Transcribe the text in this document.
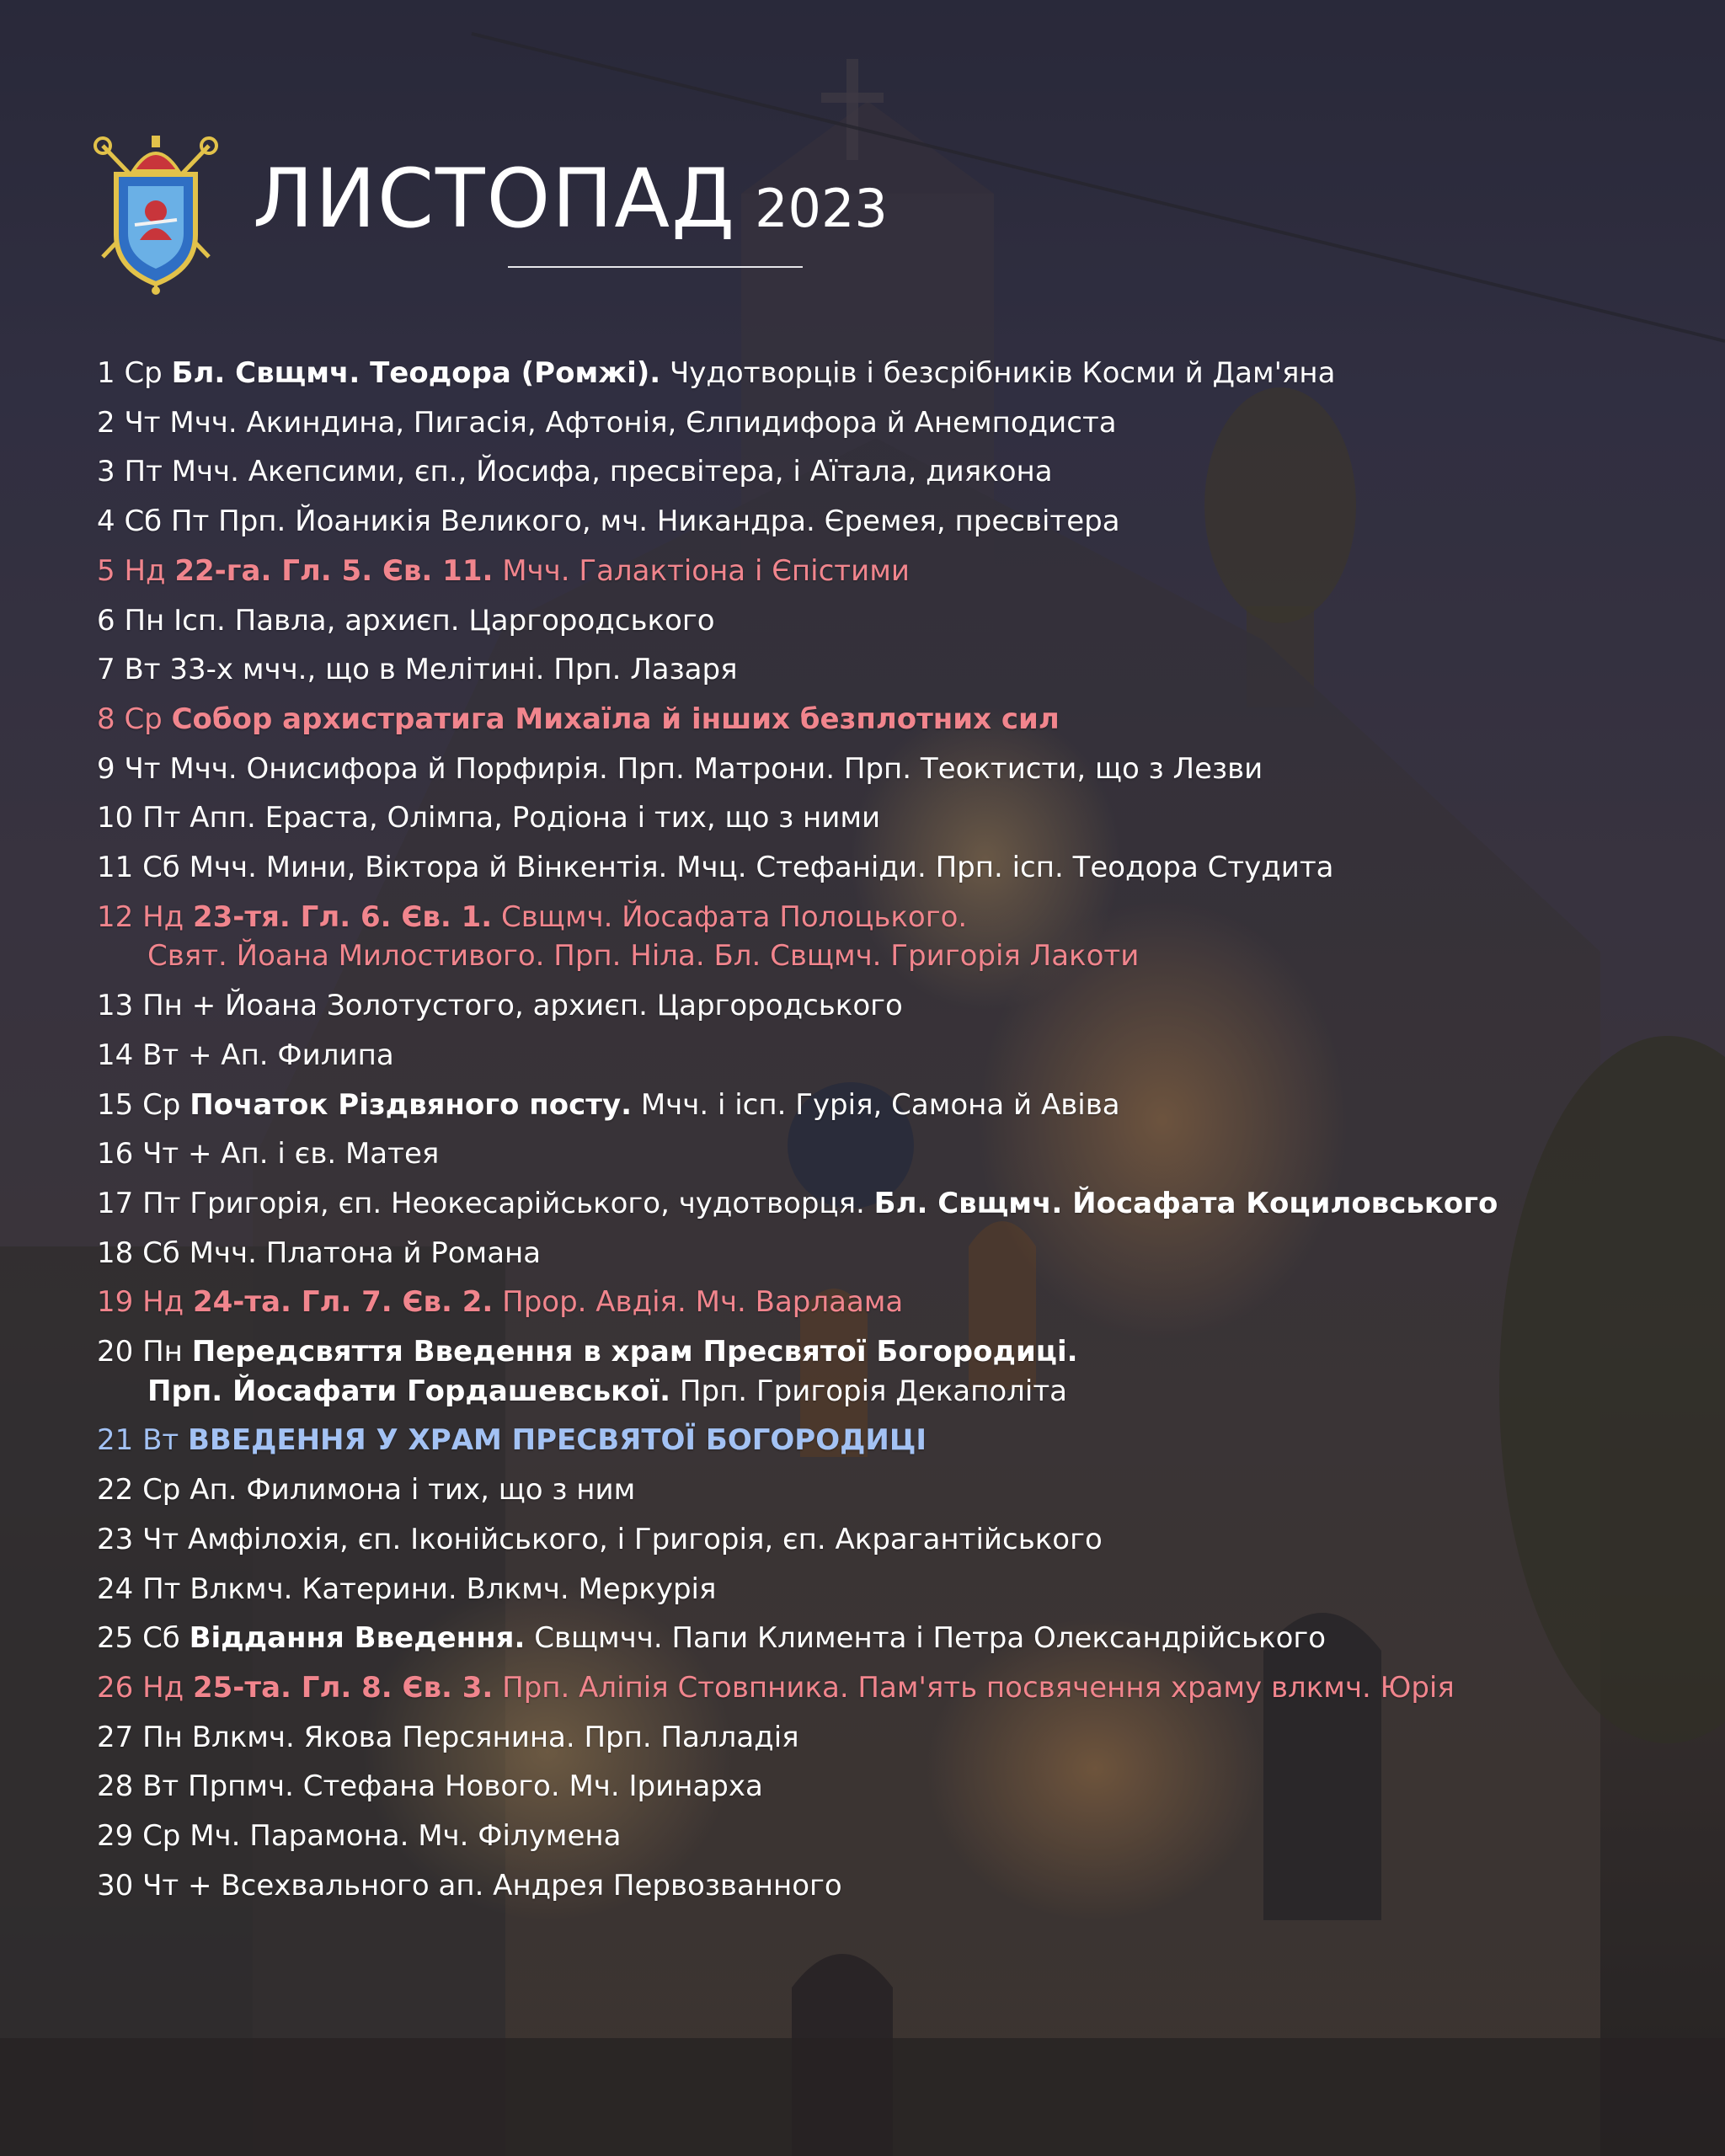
ЛИСТОПАД 2023
1 Ср Бл. Свщмч. Теодора (Ромжі). Чудотворців і безсрібників Косми й Дам'яна
2 Чт Мчч. Акиндина, Пигасія, Афтонія, Єлпидифора й Анемподиста
3 Пт Мчч. Акепсими, єп., Йосифа, пресвітера, і Аїтала, диякона
4 Сб Пт Прп. Йоаникія Великого, мч. Никандра. Єремея, пресвітера
5 Нд 22-га. Гл. 5. Єв. 11. Мчч. Галактіона і Єпістими
6 Пн Ісп. Павла, архиєп. Царгородського
7 Вт 33-х мчч., що в Мелітині. Прп. Лазаря
8 Ср Собор архистратига Михаїла й інших безплотних сил
9 Чт Мчч. Онисифора й Порфирія. Прп. Матрони. Прп. Теоктисти, що з Лезви
10 Пт Апп. Ераста, Олімпа, Родіона і тих, що з ними
11 Сб Мчч. Мини, Віктора й Вінкентія. Мчц. Стефаніди. Прп. ісп. Теодора Студита
12 Нд 23-тя. Гл. 6. Єв. 1. Свщмч. Йосафата Полоцького.
Свят. Йоана Милостивого. Прп. Ніла. Бл. Свщмч. Григорія Лакоти
13 Пн + Йоана Золотустого, архиєп. Царгородського
14 Вт + Ап. Филипа
15 Ср Початок Різдвяного посту. Мчч. і ісп. Гурія, Самона й Авіва
16 Чт + Ап. і єв. Матея
17 Пт Григорія, єп. Неокесарійського, чудотворця. Бл. Свщмч. Йосафата Коциловського
18 Сб Мчч. Платона й Романа
19 Нд 24-та. Гл. 7. Єв. 2. Прор. Авдія. Мч. Варлаама
20 Пн Передсвяття Введення в храм Пресвятої Богородиці.
Прп. Йосафати Гордашевської. Прп. Григорія Декаполіта
21 Вт ВВЕДЕННЯ У ХРАМ ПРЕСВЯТОЇ БОГОРОДИЦІ
22 Ср Ап. Филимона і тих, що з ним
23 Чт Амфілохія, єп. Іконійського, і Григорія, єп. Акрагантійського
24 Пт Влкмч. Катерини. Влкмч. Меркурія
25 Сб Віддання Введення. Свщмчч. Папи Климента і Петра Олександрійського
26 Нд 25-та. Гл. 8. Єв. 3. Прп. Аліпія Стовпника. Пам'ять посвячення храму влкмч. Юрія
27 Пн Влкмч. Якова Персянина. Прп. Палладія
28 Вт Прпмч. Стефана Нового. Мч. Іринарха
29 Ср Мч. Парамона. Мч. Філумена
30 Чт + Всехвального ап. Андрея Первозванного
